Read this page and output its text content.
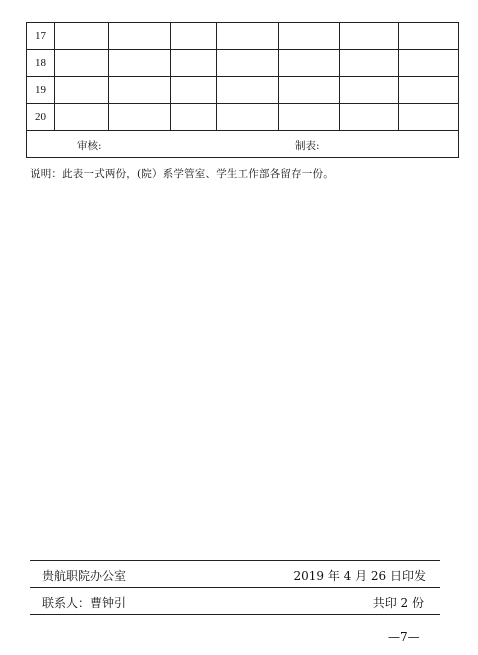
17							
18							
19							
20							

审核: 制表:							
说明：此表一式两份，(院）系学管室、学生工作部各留存一份。
贵航职院办公室	2019 年 4 月 26 日印发
联系人：曹钟引	共印 2 份
—7—
